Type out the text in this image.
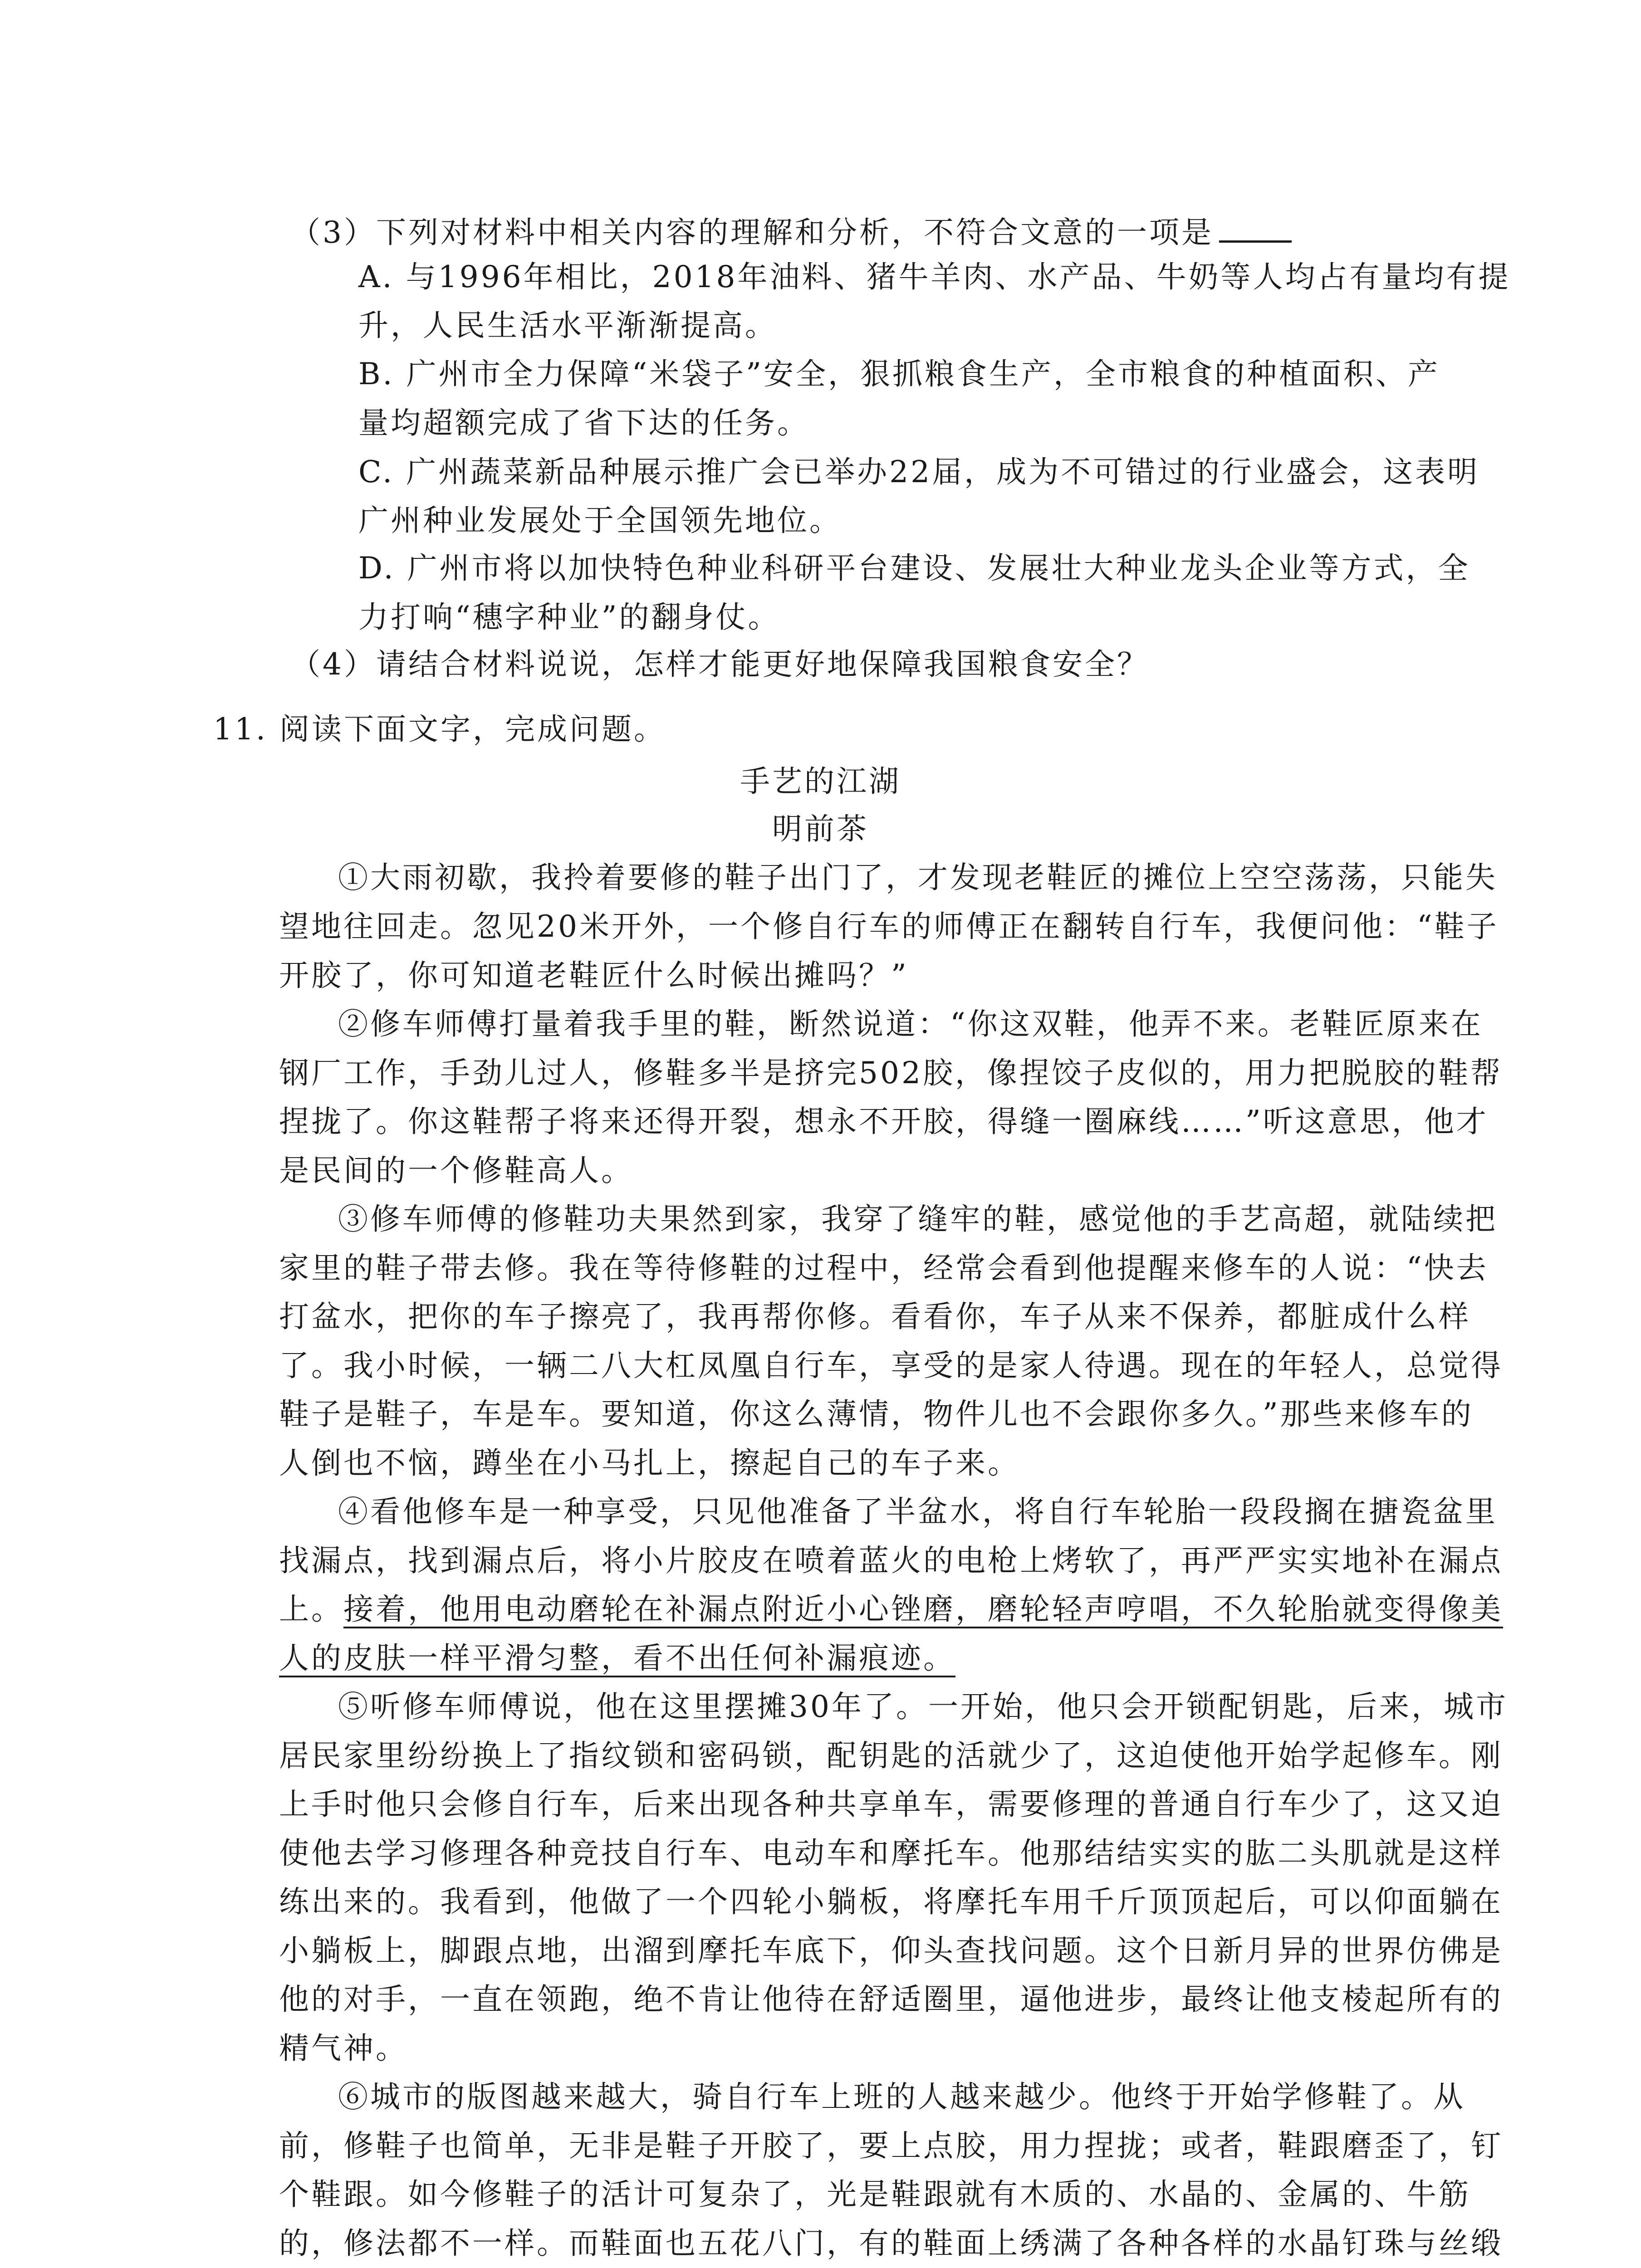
（3）下列对材料中相关内容的理解和分析，不符合文意的一项是
A. 与1996年相比，2018年油料、猪牛羊肉、水产品、牛奶等人均占有量均有提
升，人民生活水平渐渐提高。
B. 广州市全力保障“米袋子”安全，狠抓粮食生产，全市粮食的种植面积、产
量均超额完成了省下达的任务。
C. 广州蔬菜新品种展示推广会已举办22届，成为不可错过的行业盛会，这表明
广州种业发展处于全国领先地位。
D. 广州市将以加快特色种业科研平台建设、发展壮大种业龙头企业等方式，全
力打响“穗字种业”的翻身仗。
（4）请结合材料说说，怎样才能更好地保障我国粮食安全？
11. 阅读下面文字，完成问题。
手艺的江湖
明前茶
①大雨初歇，我拎着要修的鞋子出门了，才发现老鞋匠的摊位上空空荡荡，只能失
望地往回走。忽见20米开外，一个修自行车的师傅正在翻转自行车，我便问他：“鞋子
开胶了，你可知道老鞋匠什么时候出摊吗？”
②修车师傅打量着我手里的鞋，断然说道：“你这双鞋，他弄不来。老鞋匠原来在
钢厂工作，手劲儿过人，修鞋多半是挤完502胶，像捏饺子皮似的，用力把脱胶的鞋帮
捏拢了。你这鞋帮子将来还得开裂，想永不开胶，得缝一圈麻线……”听这意思，他才
是民间的一个修鞋高人。
③修车师傅的修鞋功夫果然到家，我穿了缝牢的鞋，感觉他的手艺高超，就陆续把
家里的鞋子带去修。我在等待修鞋的过程中，经常会看到他提醒来修车的人说：“快去
打盆水，把你的车子擦亮了，我再帮你修。看看你，车子从来不保养，都脏成什么样
了。我小时候，一辆二八大杠凤凰自行车，享受的是家人待遇。现在的年轻人，总觉得
鞋子是鞋子，车是车。要知道，你这么薄情，物件儿也不会跟你多久。”那些来修车的
人倒也不恼，蹲坐在小马扎上，擦起自己的车子来。
④看他修车是一种享受，只见他准备了半盆水，将自行车轮胎一段段搁在搪瓷盆里
找漏点，找到漏点后，将小片胶皮在喷着蓝火的电枪上烤软了，再严严实实地补在漏点
上。接着，他用电动磨轮在补漏点附近小心锉磨，磨轮轻声哼唱，不久轮胎就变得像美
人的皮肤一样平滑匀整，看不出任何补漏痕迹。
⑤听修车师傅说，他在这里摆摊30年了。一开始，他只会开锁配钥匙，后来，城市
居民家里纷纷换上了指纹锁和密码锁，配钥匙的活就少了，这迫使他开始学起修车。刚
上手时他只会修自行车，后来出现各种共享单车，需要修理的普通自行车少了，这又迫
使他去学习修理各种竞技自行车、电动车和摩托车。他那结结实实的肱二头肌就是这样
练出来的。我看到，他做了一个四轮小躺板，将摩托车用千斤顶顶起后，可以仰面躺在
小躺板上，脚跟点地，出溜到摩托车底下，仰头查找问题。这个日新月异的世界仿佛是
他的对手，一直在领跑，绝不肯让他待在舒适圈里，逼他进步，最终让他支棱起所有的
精气神。
⑥城市的版图越来越大，骑自行车上班的人越来越少。他终于开始学修鞋了。从
前，修鞋子也简单，无非是鞋子开胶了，要上点胶，用力捏拢；或者，鞋跟磨歪了，钉
个鞋跟。如今修鞋子的活计可复杂了，光是鞋跟就有木质的、水晶的、金属的、牛筋
的，修法都不一样。而鞋面也五花八门，有的鞋面上绣满了各种各样的水晶钉珠与丝缎
